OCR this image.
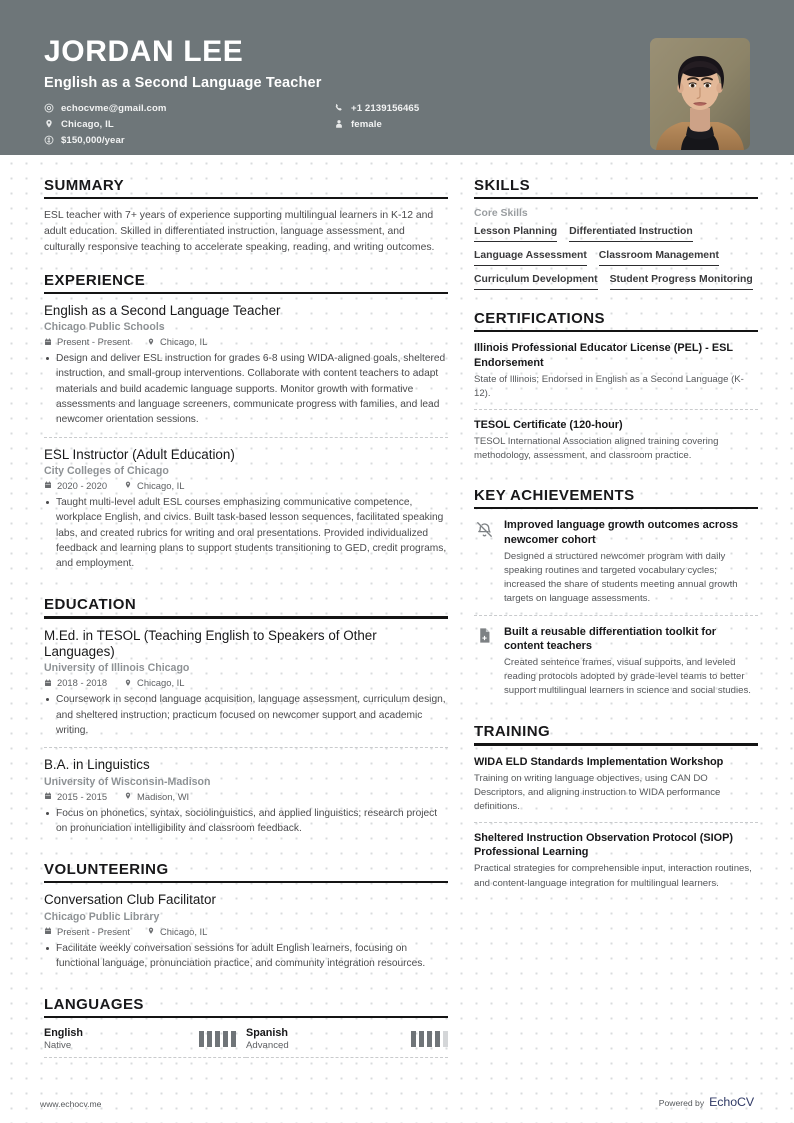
JORDAN LEE
English as a Second Language Teacher
echocvme@gmail.com	+1 2139156465
Chicago, IL	female
$150,000/year
SUMMARY
ESL teacher with 7+ years of experience supporting multilingual learners in K-12 and adult education. Skilled in differentiated instruction, language assessment, and culturally responsive teaching to accelerate speaking, reading, and writing outcomes.
EXPERIENCE
English as a Second Language Teacher
Chicago Public Schools
Present - Present	Chicago, IL
Design and deliver ESL instruction for grades 6-8 using WIDA-aligned goals, sheltered instruction, and small-group interventions. Collaborate with content teachers to adapt materials and build academic language supports. Monitor growth with formative assessments and language screeners, communicate progress with families, and lead newcomer orientation sessions.
ESL Instructor (Adult Education)
City Colleges of Chicago
2020 - 2020	Chicago, IL
Taught multi-level adult ESL courses emphasizing communicative competence, workplace English, and civics. Built task-based lesson sequences, facilitated speaking labs, and created rubrics for writing and oral presentations. Provided individualized feedback and learning plans to support students transitioning to GED, credit programs, and employment.
EDUCATION
M.Ed. in TESOL (Teaching English to Speakers of Other Languages)
University of Illinois Chicago
2018 - 2018	Chicago, IL
Coursework in second language acquisition, language assessment, curriculum design, and sheltered instruction; practicum focused on newcomer support and academic writing.
B.A. in Linguistics
University of Wisconsin-Madison
2015 - 2015	Madison, WI
Focus on phonetics, syntax, sociolinguistics, and applied linguistics; research project on pronunciation intelligibility and classroom feedback.
VOLUNTEERING
Conversation Club Facilitator
Chicago Public Library
Present - Present	Chicago, IL
Facilitate weekly conversation sessions for adult English learners, focusing on functional language, pronunciation practice, and community integration resources.
LANGUAGES
English
Native
Spanish
Advanced
SKILLS
Core Skills
Lesson Planning Differentiated Instruction
Language Assessment Classroom Management
Curriculum Development Student Progress Monitoring
CERTIFICATIONS
Illinois Professional Educator License (PEL) - ESL Endorsement
State of Illinois; Endorsed in English as a Second Language (K-12).
TESOL Certificate (120-hour)
TESOL International Association aligned training covering methodology, assessment, and classroom practice.
KEY ACHIEVEMENTS
Improved language growth outcomes across newcomer cohort
Designed a structured newcomer program with daily speaking routines and targeted vocabulary cycles; increased the share of students meeting annual growth targets on language assessments.
Built a reusable differentiation toolkit for content teachers
Created sentence frames, visual supports, and leveled reading protocols adopted by grade-level teams to better support multilingual learners in science and social studies.
TRAINING
WIDA ELD Standards Implementation Workshop
Training on writing language objectives, using CAN DO Descriptors, and aligning instruction to WIDA performance definitions.
Sheltered Instruction Observation Protocol (SIOP) Professional Learning
Practical strategies for comprehensible input, interaction routines, and content-language integration for multilingual learners.
www.echocv.me	Powered by EchoCV
